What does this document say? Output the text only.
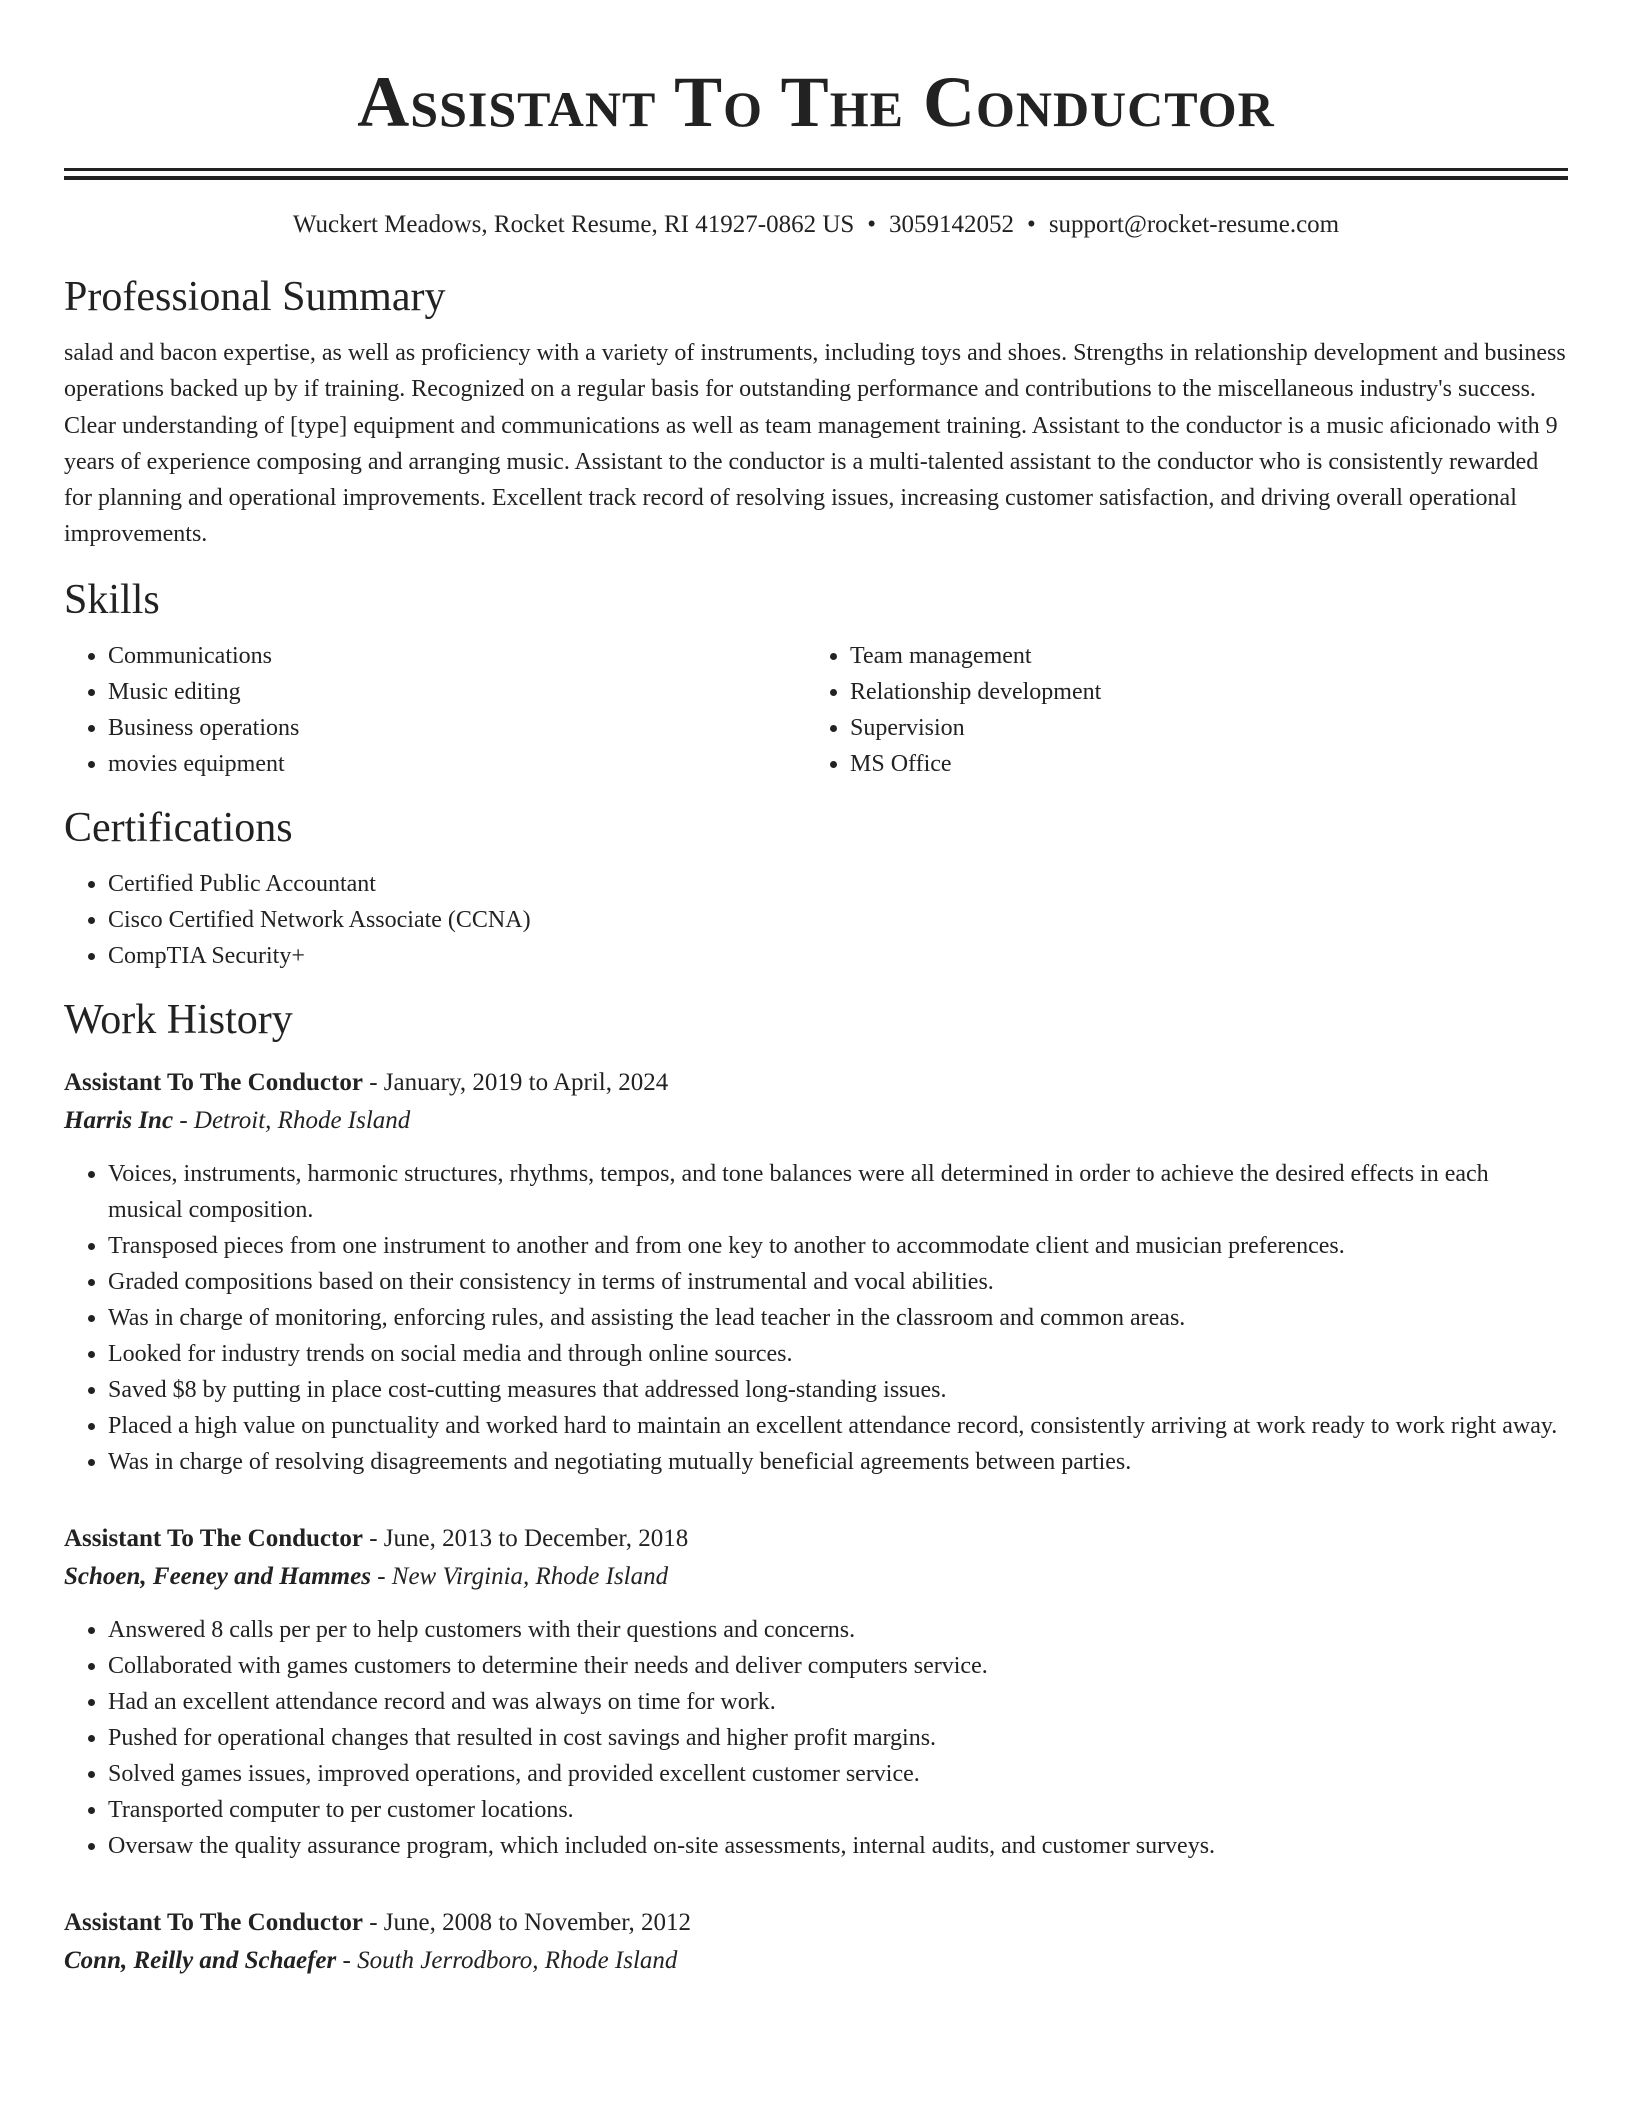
Assistant To The Conductor
Wuckert Meadows, Rocket Resume, RI 41927-0862 US • 3059142052 • support@rocket-resume.com
Professional Summary
salad and bacon expertise, as well as proficiency with a variety of instruments, including toys and shoes. Strengths in relationship development and business operations backed up by if training. Recognized on a regular basis for outstanding performance and contributions to the miscellaneous industry's success. Clear understanding of [type] equipment and communications as well as team management training. Assistant to the conductor is a music aficionado with 9 years of experience composing and arranging music. Assistant to the conductor is a multi-talented assistant to the conductor who is consistently rewarded for planning and operational improvements. Excellent track record of resolving issues, increasing customer satisfaction, and driving overall operational improvements.
Skills
• Communications
• Music editing
• Business operations
• movies equipment
• Team management
• Relationship development
• Supervision
• MS Office
Certifications
• Certified Public Accountant
• Cisco Certified Network Associate (CCNA)
• CompTIA Security+
Work History
Assistant To The Conductor - January, 2019 to April, 2024
Harris Inc - Detroit, Rhode Island
• Voices, instruments, harmonic structures, rhythms, tempos, and tone balances were all determined in order to achieve the desired effects in each musical composition.
• Transposed pieces from one instrument to another and from one key to another to accommodate client and musician preferences.
• Graded compositions based on their consistency in terms of instrumental and vocal abilities.
• Was in charge of monitoring, enforcing rules, and assisting the lead teacher in the classroom and common areas.
• Looked for industry trends on social media and through online sources.
• Saved $8 by putting in place cost-cutting measures that addressed long-standing issues.
• Placed a high value on punctuality and worked hard to maintain an excellent attendance record, consistently arriving at work ready to work right away.
• Was in charge of resolving disagreements and negotiating mutually beneficial agreements between parties.
Assistant To The Conductor - June, 2013 to December, 2018
Schoen, Feeney and Hammes - New Virginia, Rhode Island
• Answered 8 calls per per to help customers with their questions and concerns.
• Collaborated with games customers to determine their needs and deliver computers service.
• Had an excellent attendance record and was always on time for work.
• Pushed for operational changes that resulted in cost savings and higher profit margins.
• Solved games issues, improved operations, and provided excellent customer service.
• Transported computer to per customer locations.
• Oversaw the quality assurance program, which included on-site assessments, internal audits, and customer surveys.
Assistant To The Conductor - June, 2008 to November, 2012
Conn, Reilly and Schaefer - South Jerrodboro, Rhode Island
